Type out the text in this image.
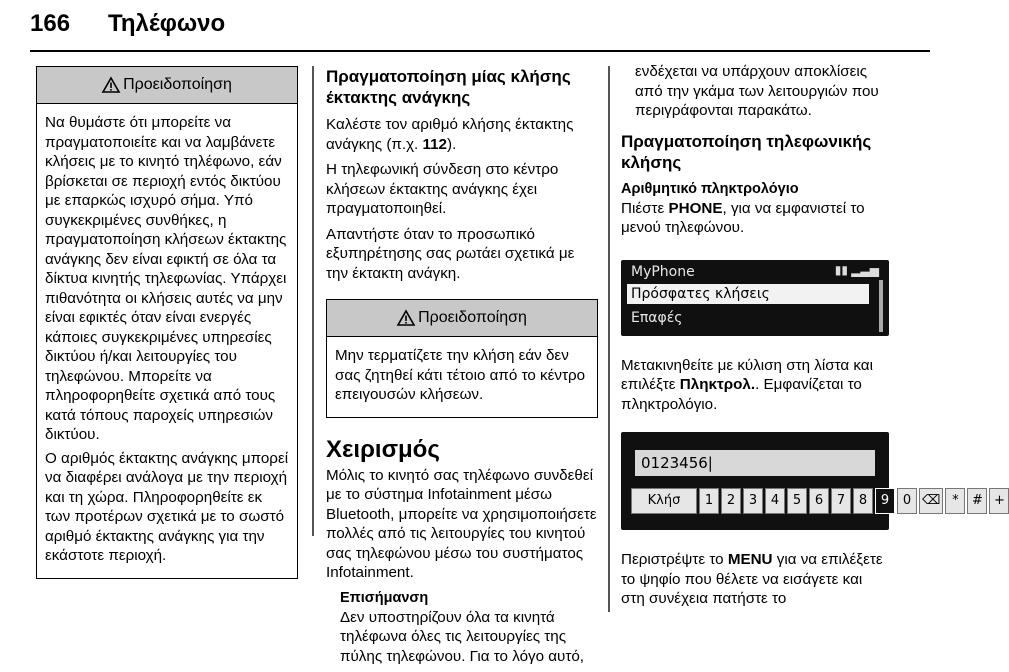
166 Τηλέφωνο
Προειδοποίηση

Να θυμάστε ότι μπορείτε να πραγματοποιείτε και να λαμβάνετε κλήσεις με το κινητό τηλέφωνο, εάν βρίσκεται σε περιοχή εντός δικτύου με επαρκώς ισχυρό σήμα. Υπό συγκεκριμένες συνθήκες, η πραγματοποίηση κλήσεων έκτακτης ανάγκης δεν είναι εφικτή σε όλα τα δίκτυα κινητής τηλεφωνίας. Υπάρχει πιθανότητα οι κλήσεις αυτές να μην είναι εφικτές όταν είναι ενεργές κάποιες συγκεκριμένες υπηρεσίες δικτύου ή/και λειτουργίες του τηλεφώνου. Μπορείτε να πληροφορηθείτε σχετικά από τους κατά τόπους παροχείς υπηρεσιών δικτύου.

Ο αριθμός έκτακτης ανάγκης μπορεί να διαφέρει ανάλογα με την περιοχή και τη χώρα. Πληροφορηθείτε εκ των προτέρων σχετικά με το σωστό αριθμό έκτακτης ανάγκης για την εκάστοτε περιοχή.

Πραγματοποίηση μίας κλήσης έκτακτης ανάγκης

Καλέστε τον αριθμό κλήσης έκτακτης ανάγκης (π.χ. 112).

Η τηλεφωνική σύνδεση στο κέντρο κλήσεων έκτακτης ανάγκης έχει πραγματοποιηθεί.

Απαντήστε όταν το προσωπικό εξυπηρέτησης σας ρωτάει σχετικά με την έκτακτη ανάγκη.

Προειδοποίηση

Μην τερματίζετε την κλήση εάν δεν σας ζητηθεί κάτι τέτοιο από το κέντρο επειγουσών κλήσεων.

Χειρισμός

Μόλις το κινητό σας τηλέφωνο συνδεθεί με το σύστημα Infotainment μέσω Bluetooth, μπορείτε να χρησιμοποιήσετε πολλές από τις λειτουργίες του κινητού σας τηλεφώνου μέσω του συστήματος Infotainment.

Επισήμανση

Δεν υποστηρίζουν όλα τα κινητά τηλέφωνα όλες τις λειτουργίες της πύλης τηλεφώνου. Για το λόγο αυτό,

ενδέχεται να υπάρχουν αποκλίσεις από την γκάμα των λειτουργιών που περιγράφονται παρακάτω.

Πραγματοποίηση τηλεφωνικής κλήσης
Αριθμητικό πληκτρολόγιο

Πιέστε PHONE, για να εμφανιστεί το μενού τηλεφώνου.

MyPhone	▮▮ ▂▃▅
Πρόσφατες κλήσεις
Επαφές

Μετακινηθείτε με κύλιση στη λίστα και επιλέξτε Πληκτρολ.. Εμφανίζεται το πληκτρολόγιο.

0123456|
Κλήσ	1	2	3	4	5	6	7	8	9	0 ⌫ *	# +

Περιστρέψτε το MENU για να επιλέξετε το ψηφίο που θέλετε να εισάγετε και στη συνέχεια πατήστε το
